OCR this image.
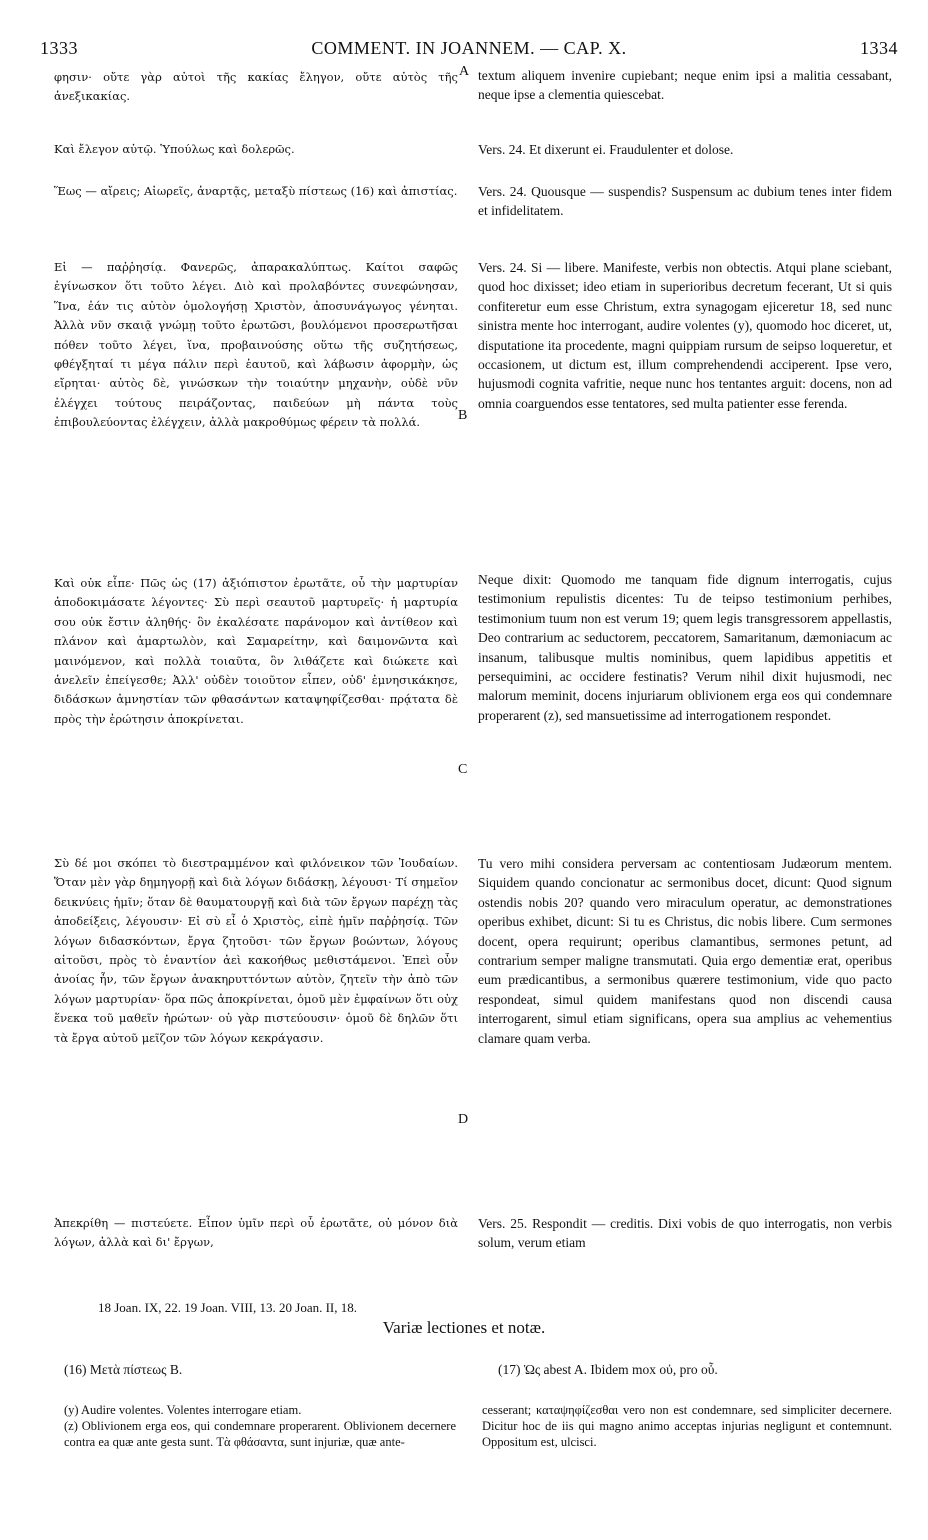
1333	COMMENT. IN JOANNEM. — CAP. X.	1334
A
B
C
D
φησιν· οὔτε γὰρ αὐτοὶ τῆς κακίας ἔληγον, οὔτε αὐτὸς τῆς ἀνεξικακίας.
Καὶ ἔλεγον αὐτῷ. Ὑπούλως καὶ δολερῶς.
Ἕως — αἴρεις; Αἰωρεῖς, ἀναρτᾷς, μεταξὺ πίστεως (16) καὶ ἀπιστίας.
Εἰ — παῤῥησίᾳ. Φανερῶς, ἀπαρακαλύπτως. Καίτοι σαφῶς ἐγίνωσκον ὅτι τοῦτο λέγει. Διὸ καὶ προλαβόντες συνεφώνησαν, Ἵνα, ἐάν τις αὐτὸν ὁμολογήσῃ Χριστὸν, ἀποσυνάγωγος γένηται. Ἀλλὰ νῦν σκαιᾷ γνώμῃ τοῦτο ἐρωτῶσι, βουλόμενοι προσερωτῆσαι πόθεν τοῦτο λέγει, ἵνα, προβαινούσης οὕτω τῆς συζητήσεως, φθέγξηταί τι μέγα πάλιν περὶ ἑαυτοῦ, καὶ λάβωσιν ἀφορμὴν, ὡς εἴρηται· αὐτὸς δὲ, γινώσκων τὴν τοιαύτην μηχανὴν, οὐδὲ νῦν ἐλέγχει τούτους πειράζοντας, παιδεύων μὴ πάντα τοὺς ἐπιβουλεύοντας ἐλέγχειν, ἀλλὰ μακροθύμως φέρειν τὰ πολλά.
Καὶ οὐκ εἶπε· Πῶς ὡς (17) ἀξιόπιστον ἐρωτᾶτε, οὗ τὴν μαρτυρίαν ἀποδοκιμάσατε λέγοντες· Σὺ περὶ σεαυτοῦ μαρτυρεῖς· ἡ μαρτυρία σου οὐκ ἔστιν ἀληθής· ὃν ἐκαλέσατε παράνομον καὶ ἀντίθεον καὶ πλάνον καὶ ἁμαρτωλὸν, καὶ Σαμαρείτην, καὶ δαιμονῶντα καὶ μαινόμενον, καὶ πολλὰ τοιαῦτα, ὃν λιθάζετε καὶ διώκετε καὶ ἀνελεῖν ἐπείγεσθε; Ἀλλ' οὐδὲν τοιοῦτον εἶπεν, οὐδ' ἐμνησικάκησε, διδάσκων ἀμνηστίαν τῶν φθασάντων καταψηφίζεσθαι· πρᾴτατα δὲ πρὸς τὴν ἐρώτησιν ἀποκρίνεται.
Σὺ δέ μοι σκόπει τὸ διεστραμμένον καὶ φιλόνεικον τῶν Ἰουδαίων. Ὅταν μὲν γὰρ δημηγορῇ καὶ διὰ λόγων διδάσκῃ, λέγουσι· Τί σημεῖον δεικνύεις ἡμῖν; ὅταν δὲ θαυματουργῇ καὶ διὰ τῶν ἔργων παρέχῃ τὰς ἀποδείξεις, λέγουσιν· Εἰ σὺ εἶ ὁ Χριστὸς, εἰπὲ ἡμῖν παῤῥησίᾳ. Τῶν λόγων διδασκόντων, ἔργα ζητοῦσι· τῶν ἔργων βοώντων, λόγους αἰτοῦσι, πρὸς τὸ ἐναντίον ἀεὶ κακοήθως μεθιστάμενοι. Ἐπεὶ οὖν ἀνοίας ἦν, τῶν ἔργων ἀνακηρυττόντων αὐτὸν, ζητεῖν τὴν ἀπὸ τῶν λόγων μαρτυρίαν· ὅρα πῶς ἀποκρίνεται, ὁμοῦ μὲν ἐμφαίνων ὅτι οὐχ ἕνεκα τοῦ μαθεῖν ἠρώτων· οὐ γὰρ πιστεύουσιν· ὁμοῦ δὲ δηλῶν ὅτι τὰ ἔργα αὐτοῦ μεῖζον τῶν λόγων κεκράγασιν.
Ἀπεκρίθη — πιστεύετε. Εἶπον ὑμῖν περὶ οὗ ἐρωτᾶτε, οὐ μόνον διὰ λόγων, ἀλλὰ καὶ δι' ἔργων,
textum aliquem invenire cupiebant; neque enim ipsi a malitia cessabant, neque ipse a clementia quiescebat.
Vers. 24. Et dixerunt ei. Fraudulenter et dolose.
Vers. 24. Quousque — suspendis? Suspensum ac dubium tenes inter fidem et infidelitatem.
Vers. 24. Si — libere. Manifeste, verbis non obtectis. Atqui plane sciebant, quod hoc dixisset; ideo etiam in superioribus decretum fecerant, Ut si quis confiteretur eum esse Christum, extra synagogam ejiceretur 18, sed nunc sinistra mente hoc interrogant, audire volentes (y), quomodo hoc diceret, ut, disputatione ita procedente, magni quippiam rursum de seipso loqueretur, et occasionem, ut dictum est, illum comprehendendi acciperent. Ipse vero, hujusmodi cognita vafritie, neque nunc hos tentantes arguit: docens, non ad omnia coarguendos esse tentatores, sed multa patienter esse ferenda.
Neque dixit: Quomodo me tanquam fide dignum interrogatis, cujus testimonium repulistis dicentes: Tu de teipso testimonium perhibes, testimonium tuum non est verum 19; quem legis transgressorem appellastis, Deo contrarium ac seductorem, peccatorem, Samaritanum, dæmoniacum ac insanum, talibusque multis nominibus, quem lapidibus appetitis et persequimini, ac occidere festinatis? Verum nihil dixit hujusmodi, nec malorum meminit, docens injuriarum oblivionem erga eos qui condemnare properarent (z), sed mansuetissime ad interrogationem respondet.
Tu vero mihi considera perversam ac contentiosam Judæorum mentem. Siquidem quando concionatur ac sermonibus docet, dicunt: Quod signum ostendis nobis 20? quando vero miraculum operatur, ac demonstrationes operibus exhibet, dicunt: Si tu es Christus, dic nobis libere. Cum sermones docent, opera requirunt; operibus clamantibus, sermones petunt, ad contrarium semper maligne transmutati. Quia ergo dementiæ erat, operibus eum prædicantibus, a sermonibus quærere testimonium, vide quo pacto respondeat, simul quidem manifestans quod non discendi causa interrogarent, simul etiam significans, opera sua amplius ac vehementius clamare quam verba.
Vers. 25. Respondit — creditis. Dixi vobis de quo interrogatis, non verbis solum, verum etiam
18 Joan. IX, 22. 19 Joan. VIII, 13. 20 Joan. II, 18.
Variæ lectiones et notæ.
(16) Μετὰ πίστεως B.	(17) Ὡς abest A. Ibidem mox οὐ, pro οὗ.

(y) Audire volentes. Volentes interrogare etiam.

(z) Oblivionem erga eos, qui condemnare properarent. Oblivionem decernere contra ea quæ ante gesta sunt. Τὰ φθάσαντα, sunt injuriæ, quæ ante-

cesserant; καταψηφίζεσθαι vero non est condemnare, sed simpliciter decernere. Dicitur hoc de iis qui magno animo acceptas injurias negligunt et contemnunt. Oppositum est, ulcisci.
